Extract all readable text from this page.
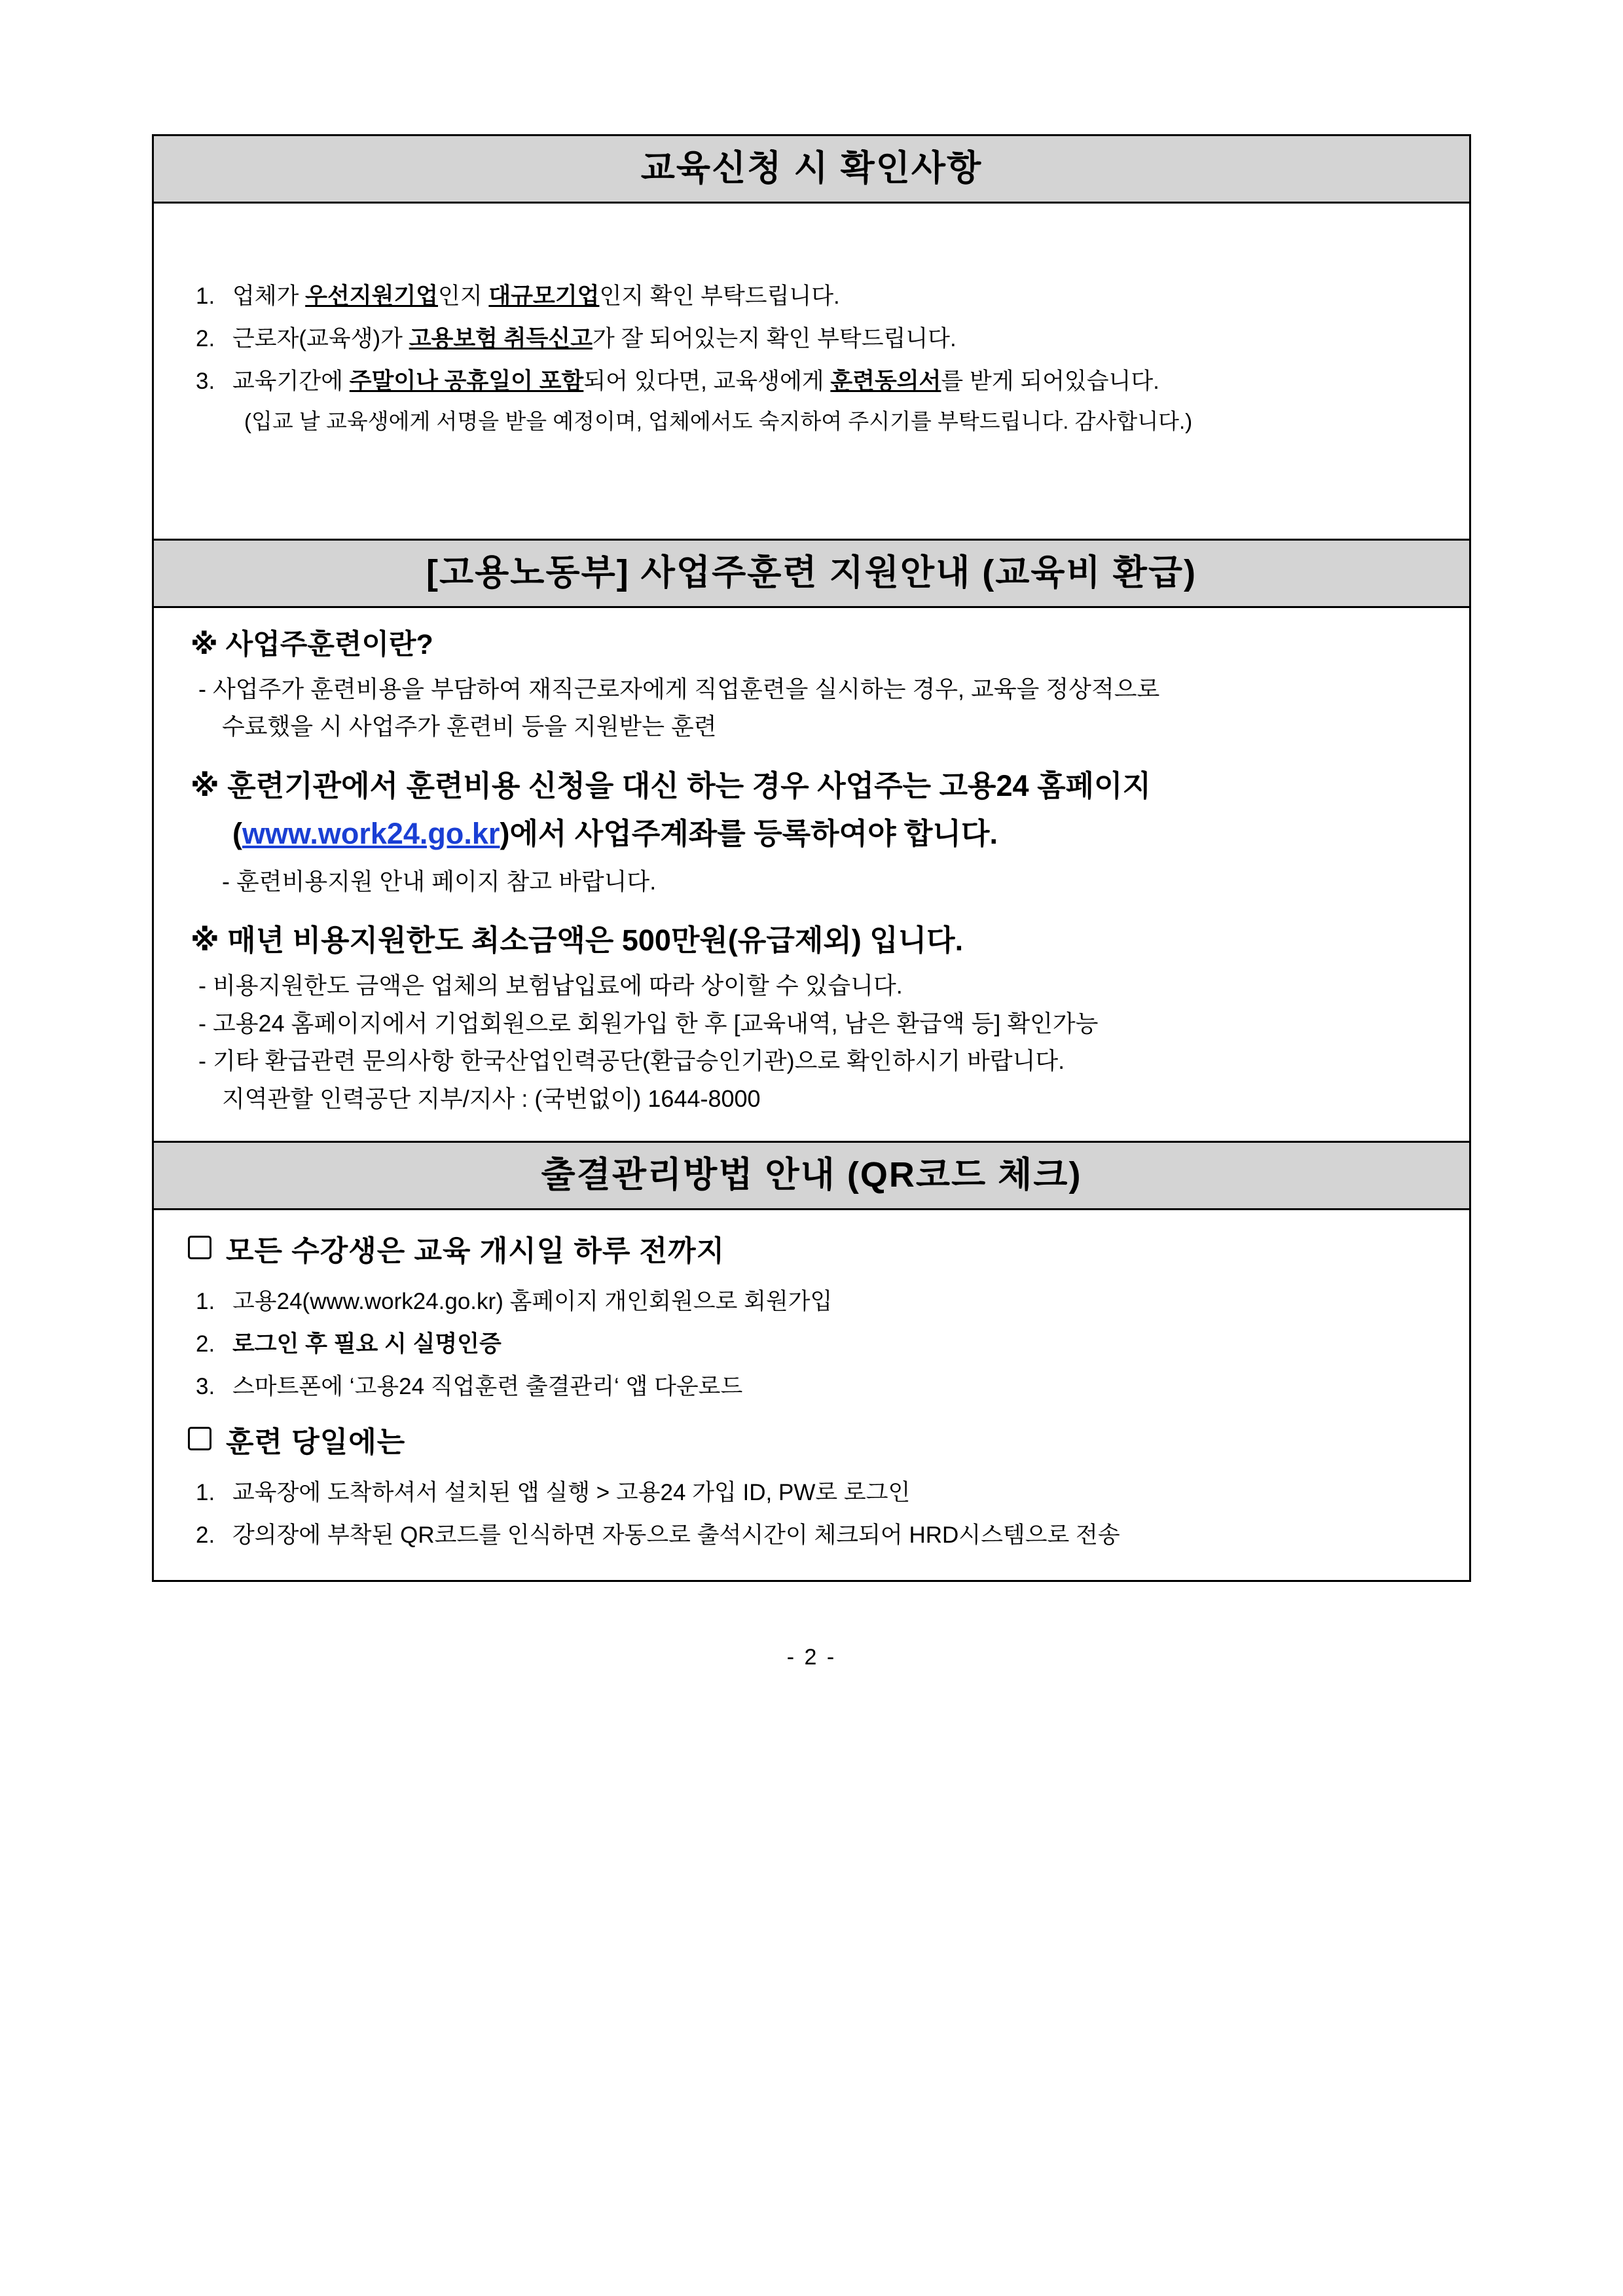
교육신청 시 확인사항
1. 업체가 우선지원기업인지 대규모기업인지 확인 부탁드립니다.
2. 근로자(교육생)가 고용보험 취득신고가 잘 되어있는지 확인 부탁드립니다.
3. 교육기간에 주말이나 공휴일이 포함되어 있다면, 교육생에게 훈련동의서를 받게 되어있습니다.
(입교 날 교육생에게 서명을 받을 예정이며, 업체에서도 숙지하여 주시기를 부탁드립니다. 감사합니다.)
[고용노동부] 사업주훈련 지원안내 (교육비 환급)
※ 사업주훈련이란?
- 사업주가 훈련비용을 부담하여 재직근로자에게 직업훈련을 실시하는 경우, 교육을 정상적으로
수료했을 시 사업주가 훈련비 등을 지원받는 훈련
※ 훈련기관에서 훈련비용 신청을 대신 하는 경우 사업주는 고용24 홈페이지
(www.work24.go.kr)에서 사업주계좌를 등록하여야 합니다.
- 훈련비용지원 안내 페이지 참고 바랍니다.
※ 매년 비용지원한도 최소금액은 500만원(유급제외) 입니다.
- 비용지원한도 금액은 업체의 보험납입료에 따라 상이할 수 있습니다.
- 고용24 홈페이지에서 기업회원으로 회원가입 한 후 [교육내역, 남은 환급액 등] 확인가능
- 기타 환급관련 문의사항 한국산업인력공단(환급승인기관)으로 확인하시기 바랍니다.
지역관할 인력공단 지부/지사 : (국번없이) 1644-8000
출결관리방법 안내 (QR코드 체크)
모든 수강생은 교육 개시일 하루 전까지
1. 고용24(www.work24.go.kr) 홈페이지 개인회원으로 회원가입
2. 로그인 후 필요 시 실명인증
3. 스마트폰에 ‘고용24 직업훈련 출결관리‘ 앱 다운로드
훈련 당일에는
1. 교육장에 도착하셔서 설치된 앱 실행 > 고용24 가입 ID, PW로 로그인
2. 강의장에 부착된 QR코드를 인식하면 자동으로 출석시간이 체크되어 HRD시스템으로 전송
- 2 -
